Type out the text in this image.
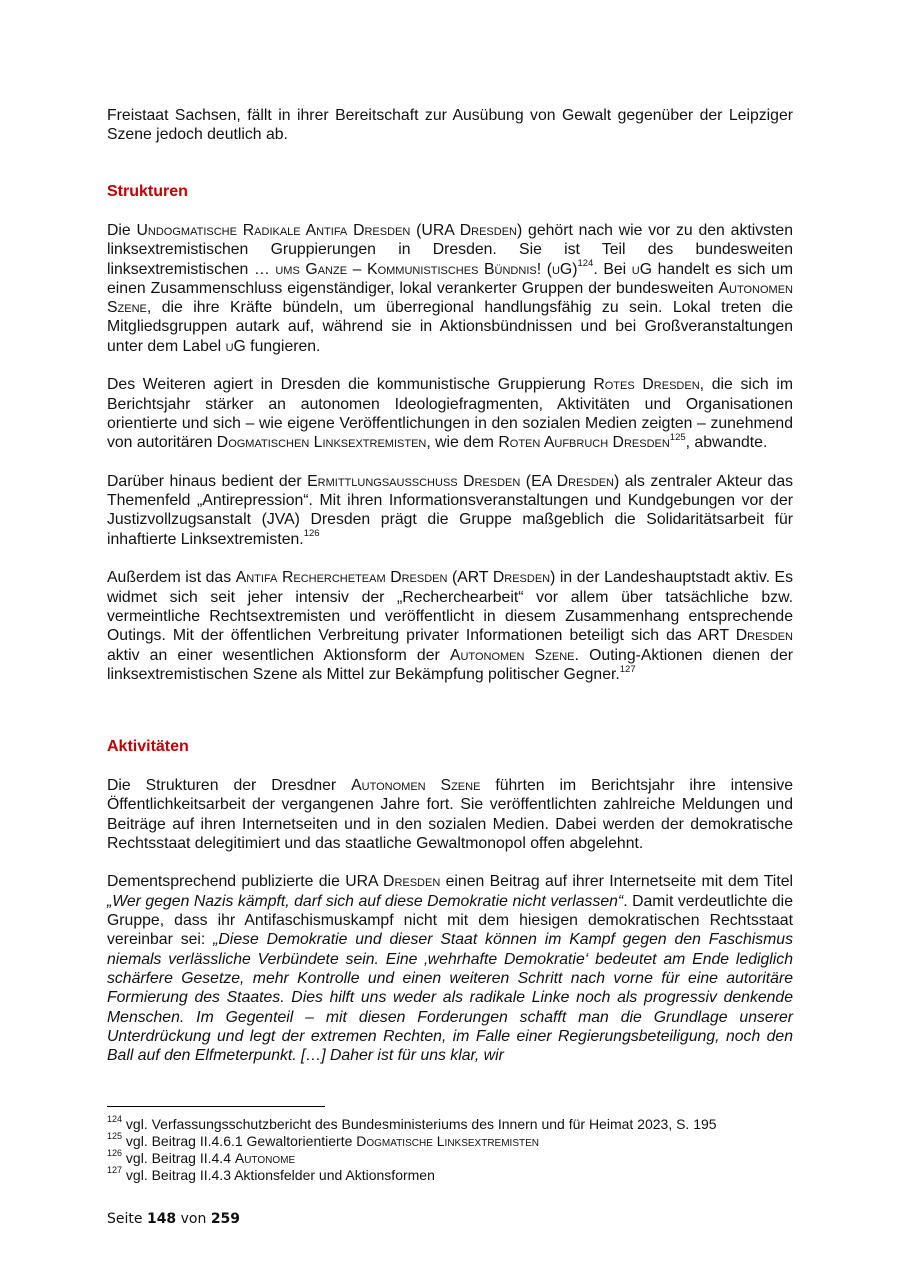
Freistaat Sachsen, fällt in ihrer Bereitschaft zur Ausübung von Gewalt gegenüber der Leipziger Szene jedoch deutlich ab.

Strukturen

Die Undogmatische Radikale Antifa Dresden (URA Dresden) gehört nach wie vor zu den aktivsten linksextremistischen Gruppierungen in Dresden. Sie ist Teil des bundesweiten linksextremistischen … ums Ganze – Kommunistisches Bündnis! (uG)$^{124}$. Bei uG handelt es sich um einen Zusammenschluss eigenständiger, lokal verankerter Gruppen der bundesweiten Autonomen Szene, die ihre Kräfte bündeln, um überregional handlungsfähig zu sein. Lokal treten die Mitgliedsgruppen autark auf, während sie in Aktionsbündnissen und bei Großveranstaltungen unter dem Label uG fungieren.

Des Weiteren agiert in Dresden die kommunistische Gruppierung Rotes Dresden, die sich im Berichtsjahr stärker an autonomen Ideologiefragmenten, Aktivitäten und Organisationen orientierte und sich – wie eigene Veröffentlichungen in den sozialen Medien zeigten – zunehmend von autoritären Dogmatischen Linksextremisten, wie dem Roten Aufbruch Dresden$^{125}$, abwandte.

Darüber hinaus bedient der Ermittlungsausschuss Dresden (EA Dresden) als zentraler Akteur das Themenfeld „Antirepression“. Mit ihren Informationsveranstaltungen und Kundgebungen vor der Justizvollzugsanstalt (JVA) Dresden prägt die Gruppe maßgeblich die Solidaritätsarbeit für inhaftierte Linksextremisten.$^{126}$

Außerdem ist das Antifa Rechercheteam Dresden (ART Dresden) in der Landeshauptstadt aktiv. Es widmet sich seit jeher intensiv der „Recherchearbeit“ vor allem über tatsächliche bzw. vermeintliche Rechtsextremisten und veröffentlicht in diesem Zusammenhang entsprechende Outings. Mit der öffentlichen Verbreitung privater Informationen beteiligt sich das ART Dresden aktiv an einer wesentlichen Aktionsform der Autonomen Szene. Outing-Aktionen dienen der linksextremistischen Szene als Mittel zur Bekämpfung politischer Gegner.$^{127}$

Aktivitäten

Die Strukturen der Dresdner Autonomen Szene führten im Berichtsjahr ihre intensive Öffentlichkeitsarbeit der vergangenen Jahre fort. Sie veröffentlichten zahlreiche Meldungen und Beiträge auf ihren Internetseiten und in den sozialen Medien. Dabei werden der demokratische Rechtsstaat delegitimiert und das staatliche Gewaltmonopol offen abgelehnt.

Dementsprechend publizierte die URA Dresden einen Beitrag auf ihrer Internetseite mit dem Titel „Wer gegen Nazis kämpft, darf sich auf diese Demokratie nicht verlassen“. Damit verdeutlichte die Gruppe, dass ihr Antifaschismuskampf nicht mit dem hiesigen demokratischen Rechtsstaat vereinbar sei: „Diese Demokratie und dieser Staat können im Kampf gegen den Faschismus niemals verlässliche Verbündete sein. Eine ‚wehrhafte Demokratie‘ bedeutet am Ende lediglich schärfere Gesetze, mehr Kontrolle und einen weiteren Schritt nach vorne für eine autoritäre Formierung des Staates. Dies hilft uns weder als radikale Linke noch als progressiv denkende Menschen. Im Gegenteil – mit diesen Forderungen schafft man die Grundlage unserer Unterdrückung und legt der extremen Rechten, im Falle einer Regierungsbeteiligung, noch den Ball auf den Elfmeterpunkt. […] Daher ist für uns klar, wir

$^{124}$ vgl. Verfassungsschutzbericht des Bundesministeriums des Innern und für Heimat 2023, S. 195
$^{125}$ vgl. Beitrag II.4.6.1 Gewaltorientierte Dogmatische Linksextremisten
$^{126}$ vgl. Beitrag II.4.4 Autonome
$^{127}$ vgl. Beitrag II.4.3 Aktionsfelder und Aktionsformen
Seite 148 von 259
